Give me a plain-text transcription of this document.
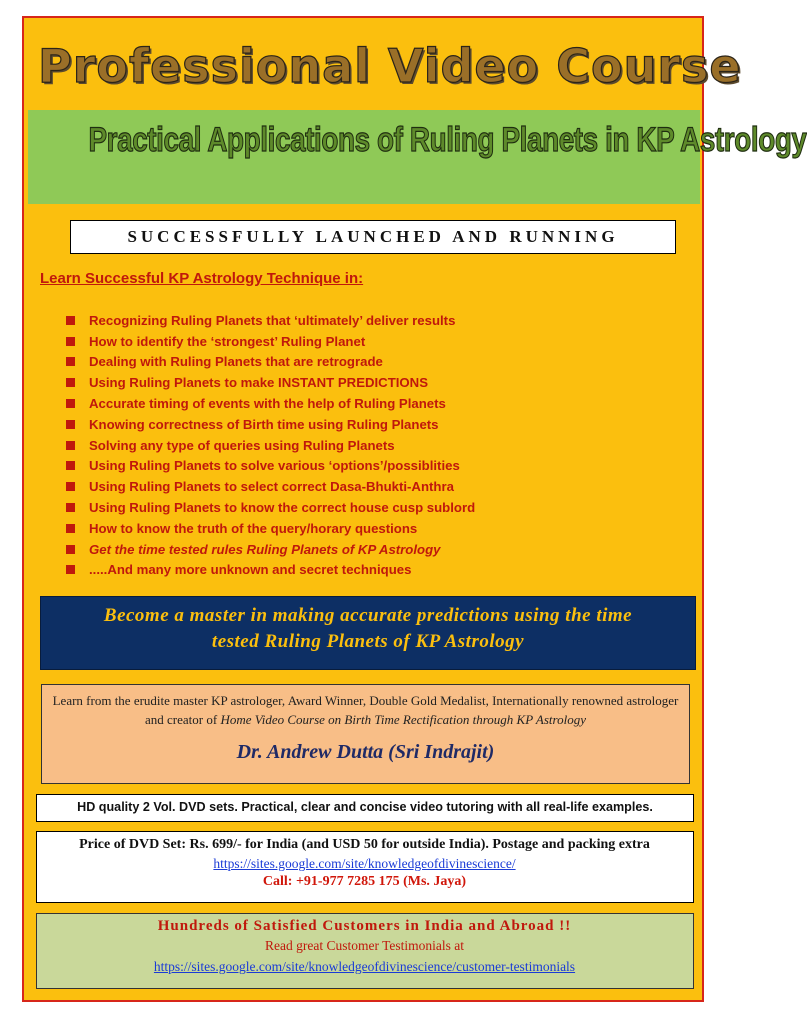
Professional Video Course
Practical Applications of Ruling Planets in KP Astrology
SUCCESSFULLY LAUNCHED AND RUNNING
Learn Successful KP Astrology Technique in:
Recognizing Ruling Planets that ‘ultimately’ deliver results
How to identify the ‘strongest’ Ruling Planet
Dealing with Ruling Planets that are retrograde
Using Ruling Planets to make INSTANT PREDICTIONS
Accurate timing of events with the help of Ruling Planets
Knowing correctness of Birth time using Ruling Planets
Solving any type of queries using Ruling Planets
Using Ruling Planets to solve various ‘options’/possiblities
Using Ruling Planets to select correct Dasa-Bhukti-Anthra
Using Ruling Planets to know the correct house cusp sublord
How to know the truth of the query/horary questions
Get the time tested rules Ruling Planets of KP Astrology
.....And many more unknown and secret techniques
Become a master in making accurate predictions using the time
tested Ruling Planets of KP Astrology
Learn from the erudite master KP astrologer, Award Winner, Double Gold Medalist, Internationally renowned astrologer and creator of Home Video Course on Birth Time Rectification through KP Astrology
Dr. Andrew Dutta (Sri Indrajit)
HD quality 2 Vol. DVD sets. Practical, clear and concise video tutoring with all real-life examples.
Price of DVD Set: Rs. 699/- for India (and USD 50 for outside India). Postage and packing extra
https://sites.google.com/site/knowledgeofdivinescience/
Call: +91-977 7285 175 (Ms. Jaya)
Hundreds of Satisfied Customers in India and Abroad !!
Read great Customer Testimonials at
https://sites.google.com/site/knowledgeofdivinescience/customer-testimonials
